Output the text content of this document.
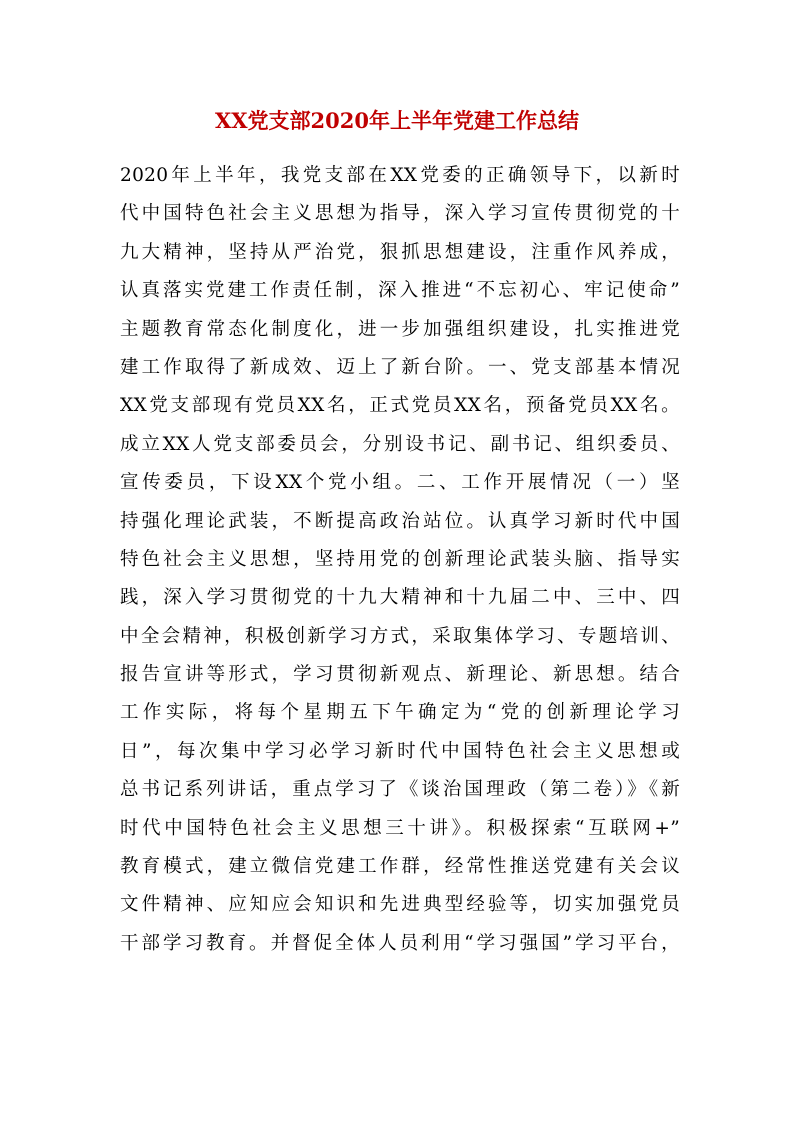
XX党支部2020年上半年党建工作总结
2020年上半年，我党支部在XX党委的正确领导下，以新时
代中国特色社会主义思想为指导，深入学习宣传贯彻党的十
九大精神，坚持从严治党，狠抓思想建设，注重作风养成，
认真落实党建工作责任制，深入推进“不忘初心、牢记使命”
主题教育常态化制度化，进一步加强组织建设，扎实推进党
建工作取得了新成效、迈上了新台阶。一、党支部基本情况
XX党支部现有党员XX名，正式党员XX名，预备党员XX名。
成立XX人党支部委员会，分别设书记、副书记、组织委员、
宣传委员，下设XX个党小组。二、工作开展情况（一）坚
持强化理论武装，不断提高政治站位。认真学习新时代中国
特色社会主义思想，坚持用党的创新理论武装头脑、指导实
践，深入学习贯彻党的十九大精神和十九届二中、三中、四
中全会精神，积极创新学习方式，采取集体学习、专题培训、
报告宣讲等形式，学习贯彻新观点、新理论、新思想。结合
工作实际，将每个星期五下午确定为“党的创新理论学习
日”，每次集中学习必学习新时代中国特色社会主义思想或
总书记系列讲话，重点学习了《谈治国理政（第二卷）》《新
时代中国特色社会主义思想三十讲》。积极探索“互联网+”
教育模式，建立微信党建工作群，经常性推送党建有关会议
文件精神、应知应会知识和先进典型经验等，切实加强党员
干部学习教育。并督促全体人员利用“学习强国”学习平台，
